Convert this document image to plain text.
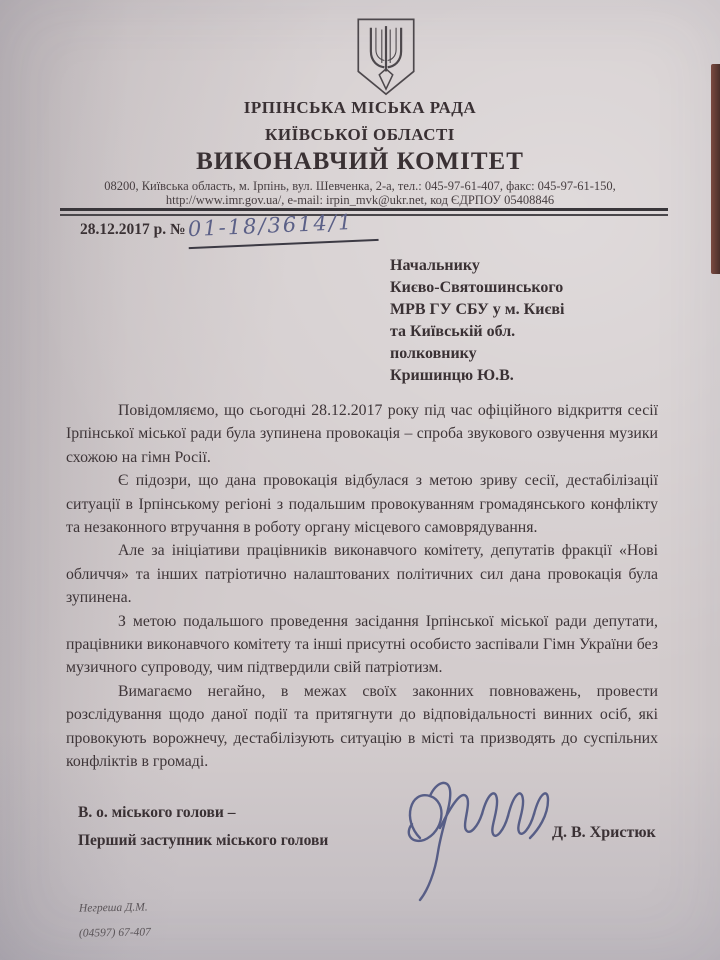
ІРПІНСЬКА МІСЬКА РАДА
КИЇВСЬКОЇ ОБЛАСТІ
ВИКОНАВЧИЙ КОМІТЕТ
08200, Київська область, м. Ірпінь, вул. Шевченка, 2-а, тел.: 045-97-61-407, факс: 045-97-61-150,
http://www.imr.gov.ua/, e-mail: irpin_mvk@ukr.net, код ЄДРПОУ 05408846
28.12.2017 р. № 01-18/3614/1
Начальнику
Києво-Святошинського
МРВ ГУ СБУ у м. Києві
та Київській обл.
полковнику
Кришинцю Ю.В.

Повідомляємо, що сьогодні 28.12.2017 року під час офіційного відкриття сесії Ірпінської міської ради була зупинена провокація – спроба звукового озвучення музики схожою на гімн Росії.

Є підозри, що дана провокація відбулася з метою зриву сесії, дестабілізації ситуації в Ірпінському регіоні з подальшим провокуванням громадянського конфлікту та незаконного втручання в роботу органу місцевого самоврядування.

Але за ініціативи працівників виконавчого комітету, депутатів фракції «Нові обличчя» та інших патріотично налаштованих політичних сил дана провокація була зупинена.

З метою подальшого проведення засідання Ірпінської міської ради депутати, працівники виконавчого комітету та інші присутні особисто заспівали Гімн України без музичного супроводу, чим підтвердили свій патріотизм.

Вимагаємо негайно, в межах своїх законних повноважень, провести розслідування щодо даної події та притягнути до відповідальності винних осіб, які провокують ворожнечу, дестабілізують ситуацію в місті та призводять до суспільних конфліктів в громаді.

В. о. міського голови –
Перший заступник міського голови	Д. В. Христюк
Негреша Д.М.
(04597) 67-407
